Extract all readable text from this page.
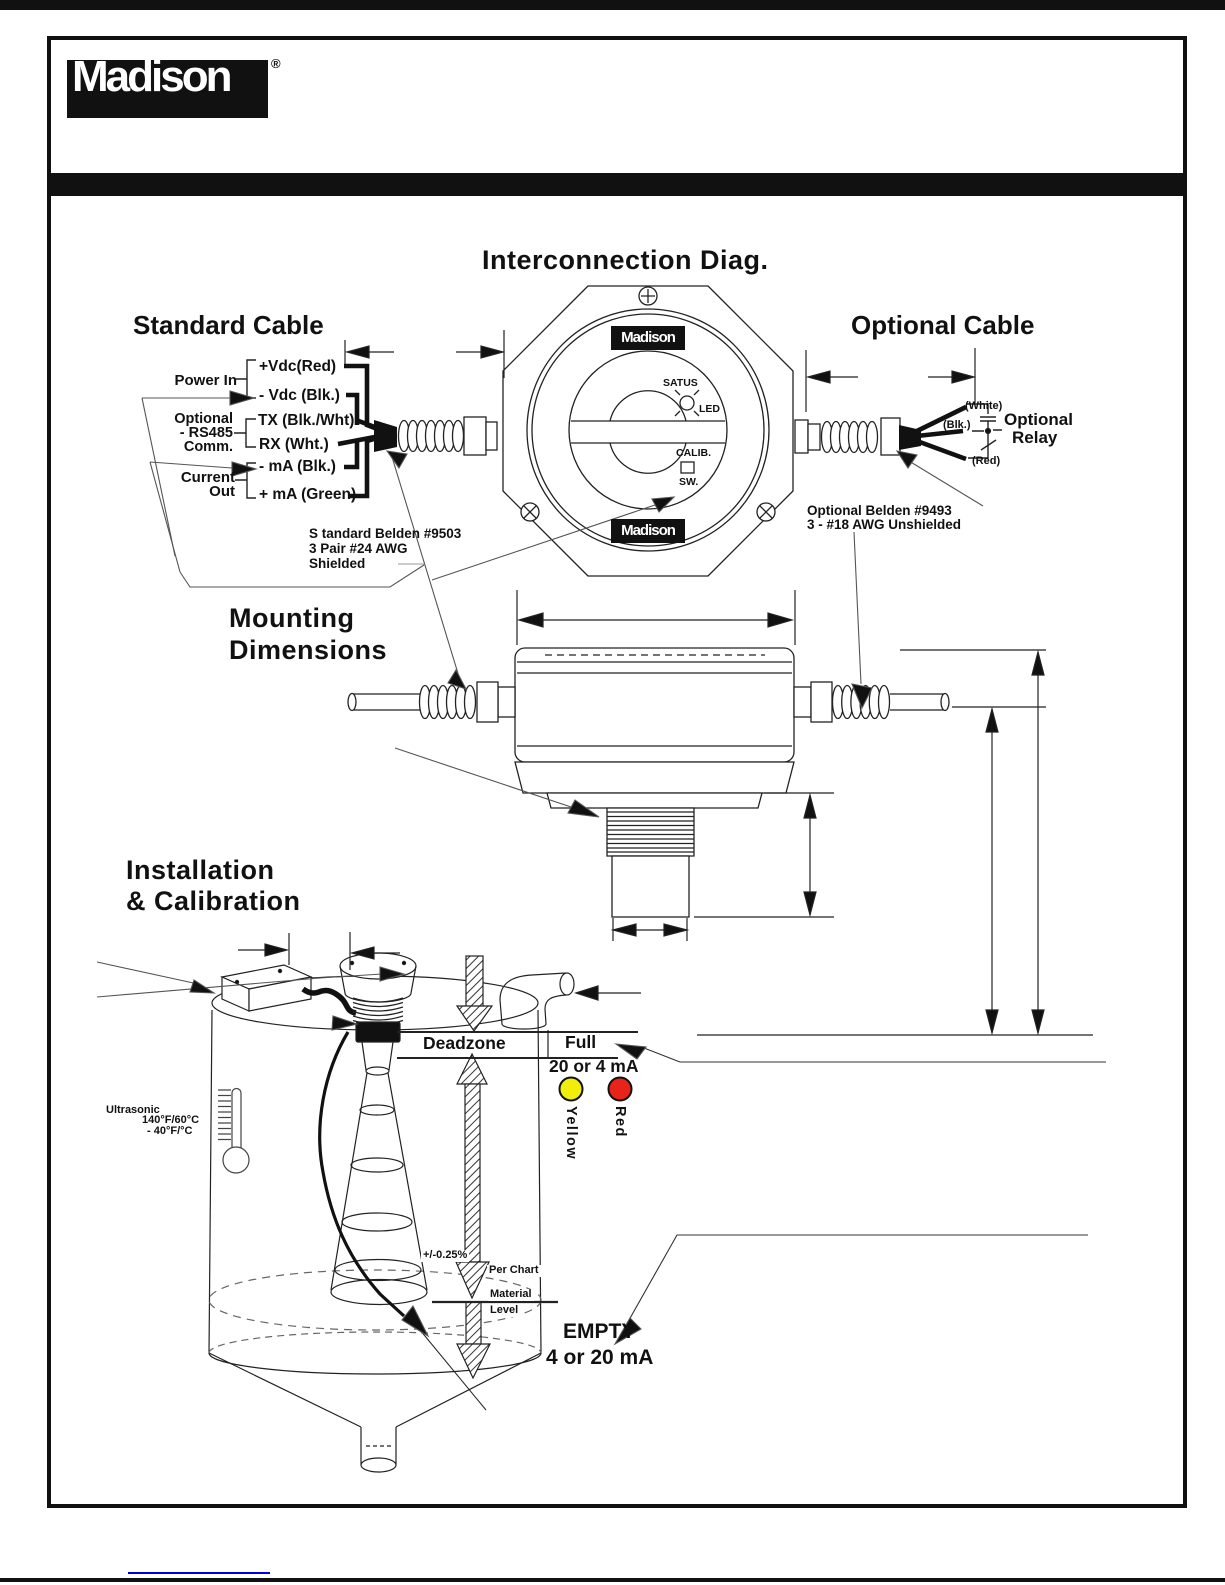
Madison	®
Interconnection Diag.
Standard Cable	Optional Cable
Power In
+Vdc(Red)
- Vdc (Blk.)
Optional
- RS485
Comm.
TX (Blk./Wht)
RX (Wht.)
Current
Out
- mA (Blk.)
+ mA (Green)
S tandard Belden #9503
3 Pair #24 AWG
Shielded
Optional Belden #9493
3 - #18 AWG Unshielded
(White)
(Blk.)
(Red)
Optional
Relay
Madison
Madison
SATUS
LED
CALIB.
SW.
Mounting
Dimensions
Installation
& Calibration
Deadzone	Full
20 or 4 mA
Yellow Red
Ultrasonic
140°F/60°C
- 40°F/°C
+/-0.25%
Per Chart
Material
Level
EMPTY
4 or 20 mA
